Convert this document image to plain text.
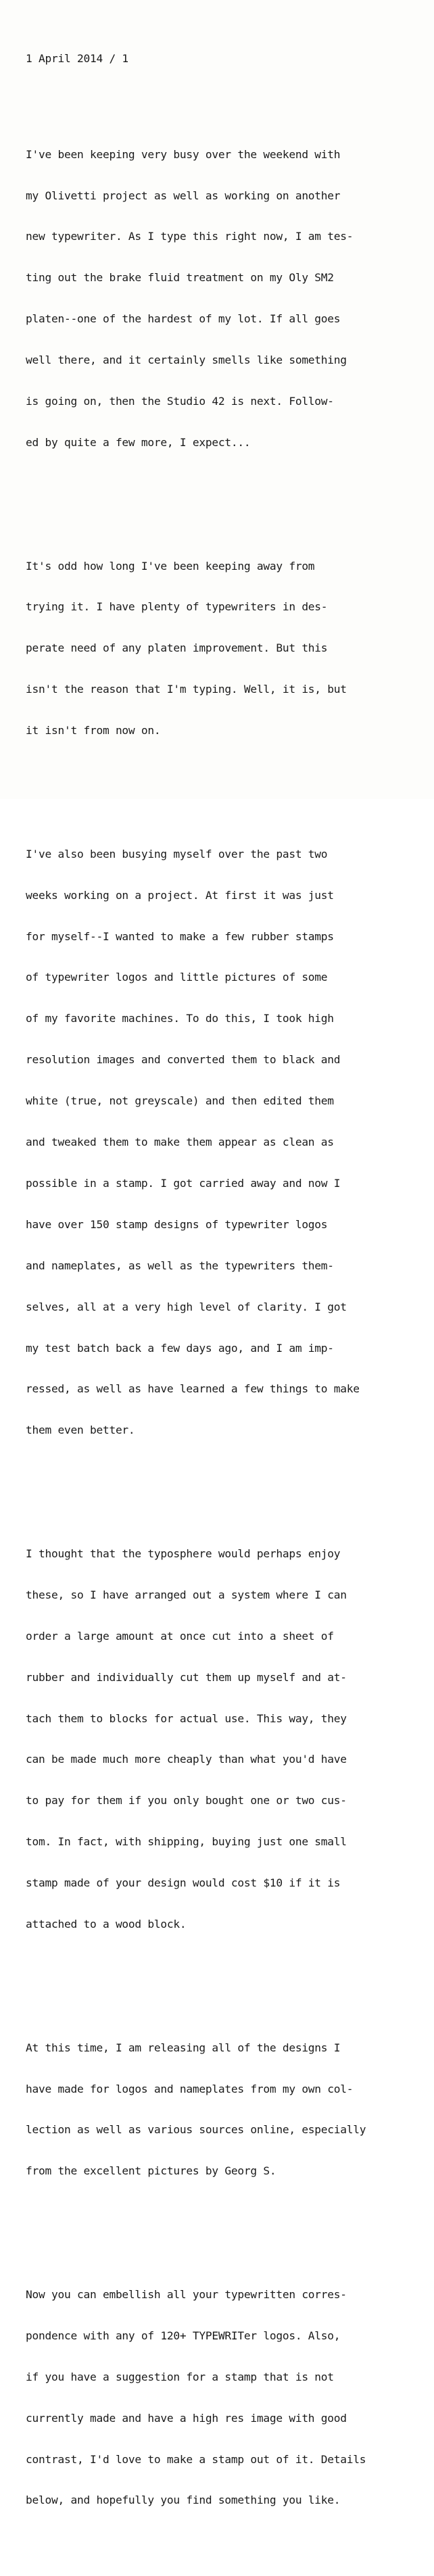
1 April 2014 / 1

I've been keeping very busy over the weekend with

my Olivetti project as well as working on another

new typewriter. As I type this right now, I am tes-

ting out the brake fluid treatment on my Oly SM2

platen--one of the hardest of my lot. If all goes

well there, and it certainly smells like something

is going on, then the Studio 42 is next. Follow-

ed by quite a few more, I expect...

It's odd how long I've been keeping away from

trying it. I have plenty of typewriters in des-

perate need of any platen improvement. But this

isn't the reason that I'm typing. Well, it is, but

it isn't from now on.

I've also been busying myself over the past two

weeks working on a project. At first it was just

for myself--I wanted to make a few rubber stamps

of typewriter logos and little pictures of some

of my favorite machines. To do this, I took high

resolution images and converted them to black and

white (true, not greyscale) and then edited them

and tweaked them to make them appear as clean as

possible in a stamp. I got carried away and now I

have over 150 stamp designs of typewriter logos

and nameplates, as well as the typewriters them-

selves, all at a very high level of clarity. I got

my test batch back a few days ago, and I am imp-

ressed, as well as have learned a few things to make

them even better.

I thought that the typosphere would perhaps enjoy

these, so I have arranged out a system where I can

order a large amount at once cut into a sheet of

rubber and individually cut them up myself and at-

tach them to blocks for actual use. This way, they

can be made much more cheaply than what you'd have

to pay for them if you only bought one or two cus-

tom. In fact, with shipping, buying just one small

stamp made of your design would cost $10 if it is

attached to a wood block.

At this time, I am releasing all of the designs I

have made for logos and nameplates from my own col-

lection as well as various sources online, especially

from the excellent pictures by Georg S.

Now you can embellish all your typewritten corres-

pondence with any of 120+ TYPEWRITer logos. Also,

if you have a suggestion for a stamp that is not

currently made and have a high res image with good

contrast, I'd love to make a stamp out of it. Details

below, and hopefully you find something you like.
